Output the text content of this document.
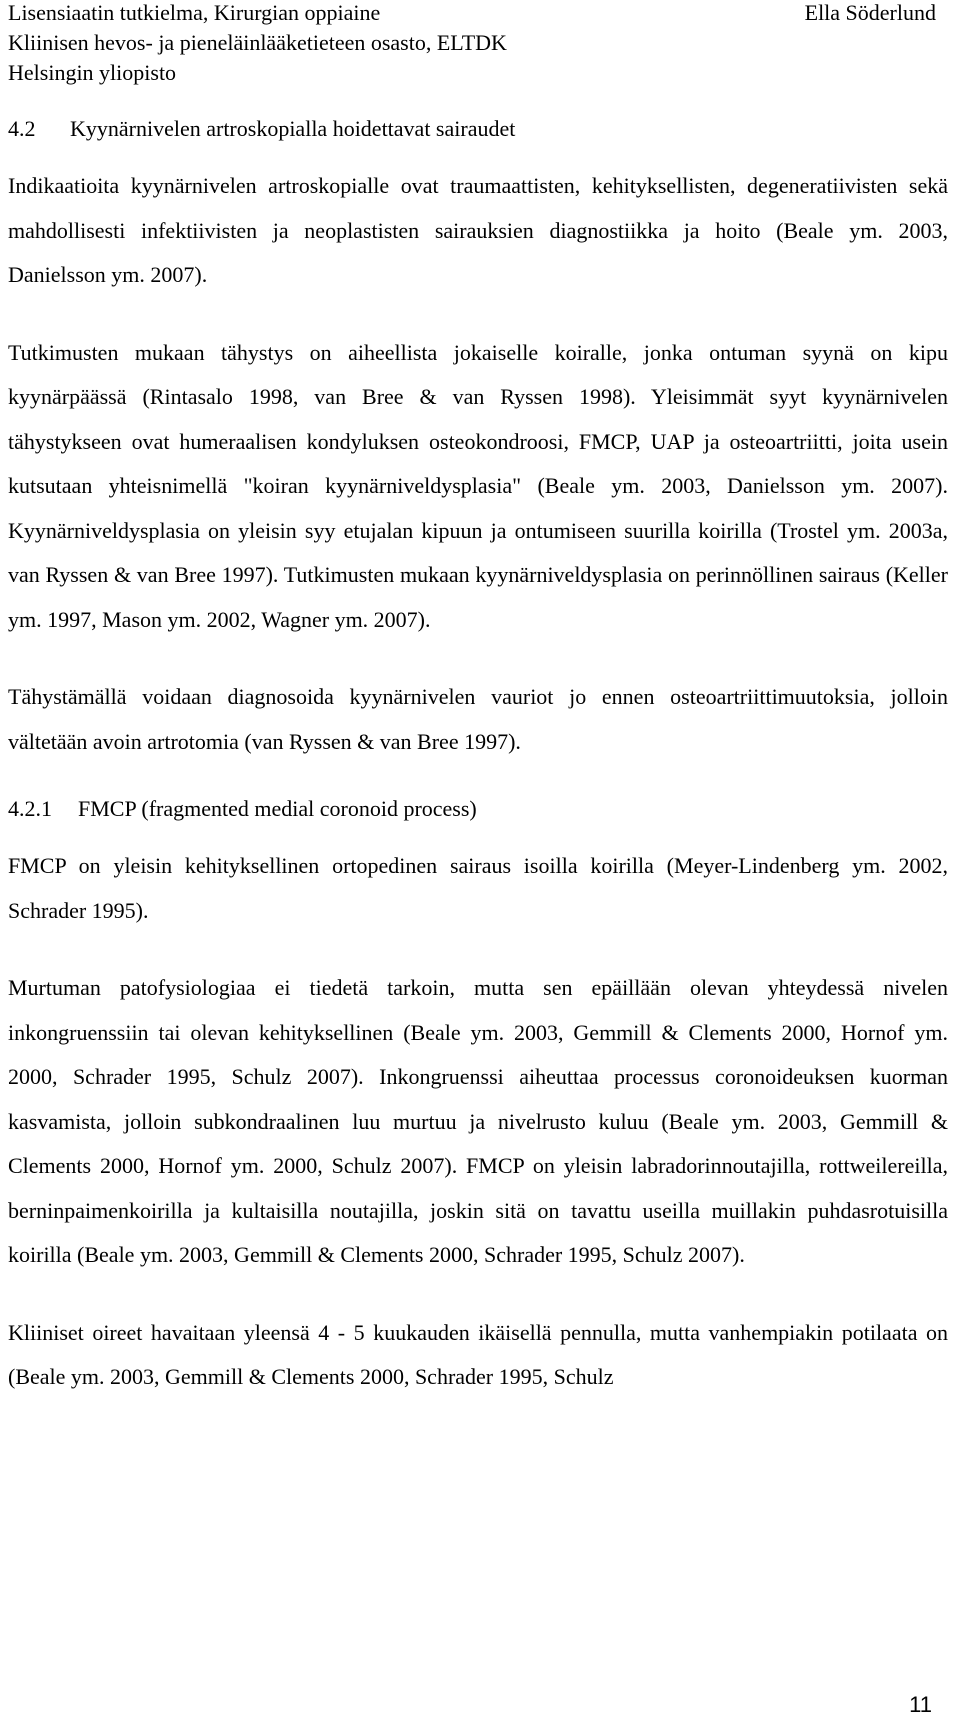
Lisensiaatin tutkielma, Kirurgian oppiaine
Kliinisen hevos- ja pieneläinlääketieteen osasto, ELTDK
Helsingin yliopisto
Ella Söderlund
4.2 Kyynärnivelen artroskopialla hoidettavat sairaudet

Indikaatioita kyynärnivelen artroskopialle ovat traumaattisten, kehityksellisten, degeneratiivisten sekä mahdollisesti infektiivisten ja neoplastisten sairauksien diagnostiikka ja hoito (Beale ym. 2003, Danielsson ym. 2007).

Tutkimusten mukaan tähystys on aiheellista jokaiselle koiralle, jonka ontuman syynä on kipu kyynärpäässä (Rintasalo 1998, van Bree & van Ryssen 1998). Yleisimmät syyt kyynärnivelen tähystykseen ovat humeraalisen kondyluksen osteokondroosi, FMCP, UAP ja osteoartriitti, joita usein kutsutaan yhteisnimellä "koiran kyynärniveldysplasia" (Beale ym. 2003, Danielsson ym. 2007). Kyynärniveldysplasia on yleisin syy etujalan kipuun ja ontumiseen suurilla koirilla (Trostel ym. 2003a, van Ryssen & van Bree 1997). Tutkimusten mukaan kyynärniveldysplasia on perinnöllinen sairaus (Keller ym. 1997, Mason ym. 2002, Wagner ym. 2007).

Tähystämällä voidaan diagnosoida kyynärnivelen vauriot jo ennen osteoartriittimuutoksia, jolloin vältetään avoin artrotomia (van Ryssen & van Bree 1997).

4.2.1 FMCP (fragmented medial coronoid process)

FMCP on yleisin kehityksellinen ortopedinen sairaus isoilla koirilla (Meyer-Lindenberg ym. 2002, Schrader 1995).

Murtuman patofysiologiaa ei tiedetä tarkoin, mutta sen epäillään olevan yhteydessä nivelen inkongruenssiin tai olevan kehityksellinen (Beale ym. 2003, Gemmill & Clements 2000, Hornof ym. 2000, Schrader 1995, Schulz 2007). Inkongruenssi aiheuttaa processus coronoideuksen kuorman kasvamista, jolloin subkondraalinen luu murtuu ja nivelrusto kuluu (Beale ym. 2003, Gemmill & Clements 2000, Hornof ym. 2000, Schulz 2007). FMCP on yleisin labradorinnoutajilla, rottweilereilla, berninpaimenkoirilla ja kultaisilla noutajilla, joskin sitä on tavattu useilla muillakin puhdasrotuisilla koirilla (Beale ym. 2003, Gemmill & Clements 2000, Schrader 1995, Schulz 2007).

Kliiniset oireet havaitaan yleensä 4 - 5 kuukauden ikäisellä pennulla, mutta vanhempiakin potilaata on (Beale ym. 2003, Gemmill & Clements 2000, Schrader 1995, Schulz

11
